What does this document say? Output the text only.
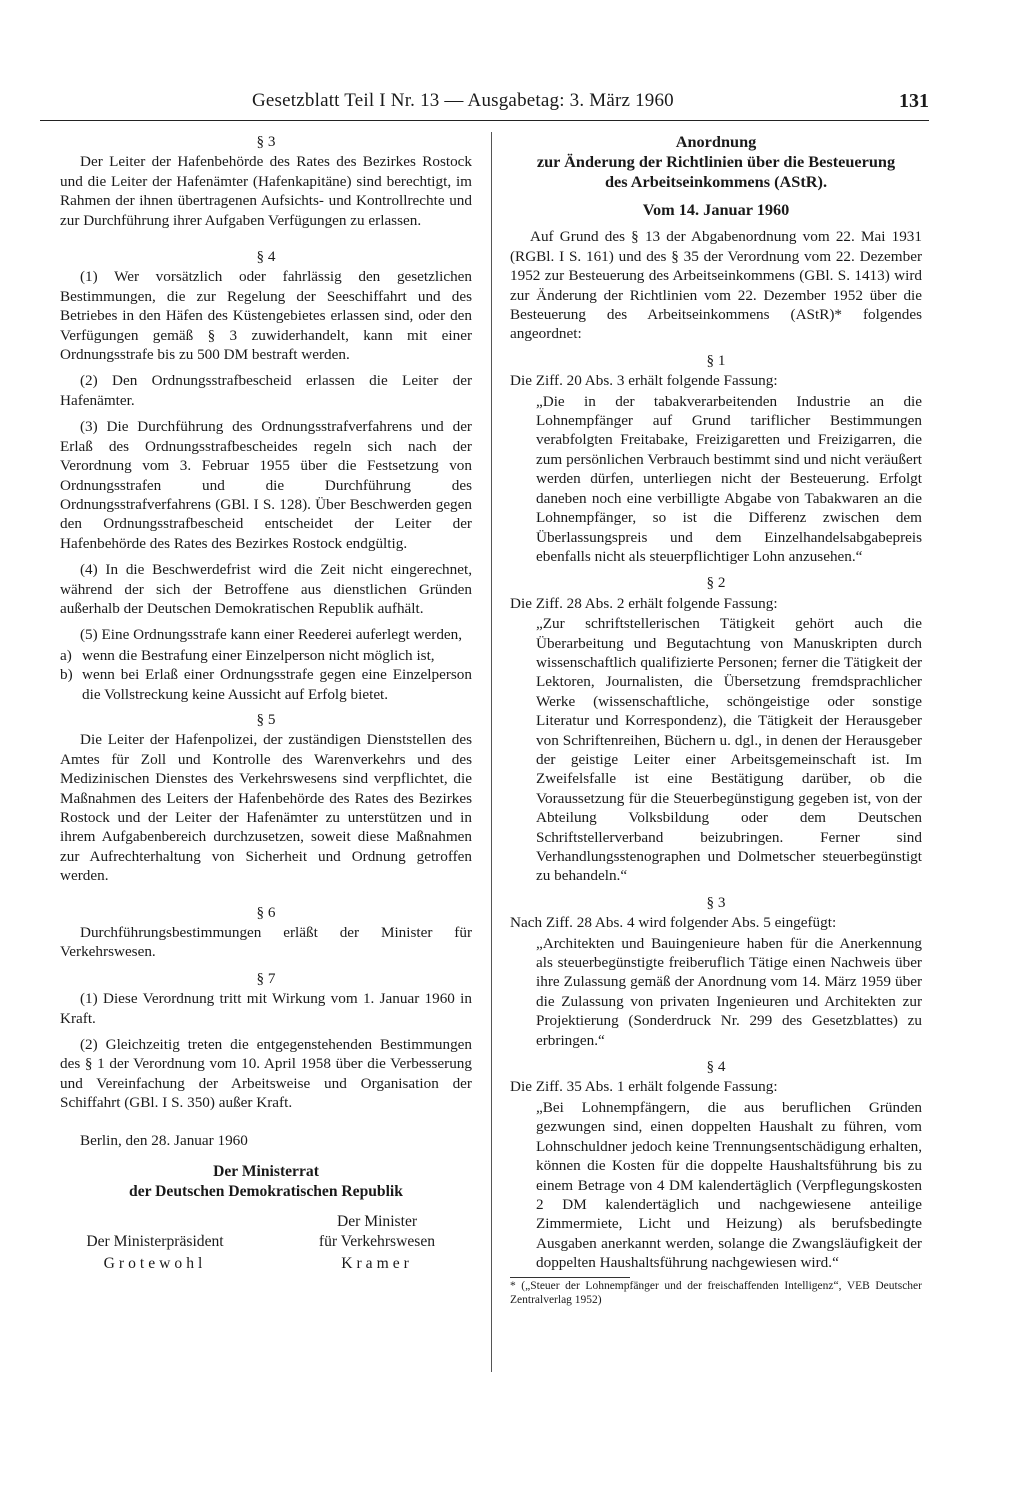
Gesetzblatt Teil I Nr. 13 — Ausgabetag: 3. März 1960	131
§ 3

Der Leiter der Hafenbehörde des Rates des Bezirkes Rostock und die Leiter der Hafenämter (Hafenkapitäne) sind berechtigt, im Rahmen der ihnen übertragenen Aufsichts- und Kontrollrechte und zur Durchführung ihrer Aufgaben Verfügungen zu erlassen.

§ 4

(1) Wer vorsätzlich oder fahrlässig den gesetzlichen Bestimmungen, die zur Regelung der Seeschiffahrt und des Betriebes in den Häfen des Küstengebietes erlassen sind, oder den Verfügungen gemäß § 3 zuwiderhandelt, kann mit einer Ordnungsstrafe bis zu 500 DM bestraft werden.

(2) Den Ordnungsstrafbescheid erlassen die Leiter der Hafenämter.

(3) Die Durchführung des Ordnungsstrafverfahrens und der Erlaß des Ordnungsstrafbescheides regeln sich nach der Verordnung vom 3. Februar 1955 über die Festsetzung von Ordnungsstrafen und die Durchführung des Ordnungsstrafverfahrens (GBl. I S. 128). Über Beschwerden gegen den Ordnungsstrafbescheid entscheidet der Leiter der Hafenbehörde des Rates des Bezirkes Rostock endgültig.

(4) In die Beschwerdefrist wird die Zeit nicht eingerechnet, während der sich der Betroffene aus dienstlichen Gründen außerhalb der Deutschen Demokratischen Republik aufhält.

(5) Eine Ordnungsstrafe kann einer Reederei auferlegt werden,

a) wenn die Bestrafung einer Einzelperson nicht möglich ist,
b) wenn bei Erlaß einer Ordnungsstrafe gegen eine Einzelperson die Vollstreckung keine Aussicht auf Erfolg bietet.
§ 5

Die Leiter der Hafenpolizei, der zuständigen Dienststellen des Amtes für Zoll und Kontrolle des Warenverkehrs und des Medizinischen Dienstes des Verkehrswesens sind verpflichtet, die Maßnahmen des Leiters der Hafenbehörde des Rates des Bezirkes Rostock und der Leiter der Hafenämter zu unterstützen und in ihrem Aufgabenbereich durchzusetzen, soweit diese Maßnahmen zur Aufrechterhaltung von Sicherheit und Ordnung getroffen werden.

§ 6

Durchführungsbestimmungen erläßt der Minister für Verkehrswesen.

§ 7

(1) Diese Verordnung tritt mit Wirkung vom 1. Januar 1960 in Kraft.

(2) Gleichzeitig treten die entgegenstehenden Bestimmungen des § 1 der Verordnung vom 10. April 1958 über die Verbesserung und Vereinfachung der Arbeitsweise und Organisation der Schiffahrt (GBl. I S. 350) außer Kraft.

Berlin, den 28. Januar 1960
Der Ministerrat
der Deutschen Demokratischen Republik
Der Ministerpräsident
Grotewohl
Der Minister
für Verkehrswesen
Kramer
Anordnung
zur Änderung der Richtlinien über die Besteuerung
des Arbeitseinkommens (AStR).
Vom 14. Januar 1960

Auf Grund des § 13 der Abgabenordnung vom 22. Mai 1931 (RGBl. I S. 161) und des § 35 der Verordnung vom 22. Dezember 1952 zur Besteuerung des Arbeitseinkommens (GBl. S. 1413) wird zur Änderung der Richtlinien vom 22. Dezember 1952 über die Besteuerung des Arbeitseinkommens (AStR)* folgendes angeordnet:

§ 1

Die Ziff. 20 Abs. 3 erhält folgende Fassung:

„Die in der tabakverarbeitenden Industrie an die Lohnempfänger auf Grund tariflicher Bestimmungen verabfolgten Freitabake, Freizigaretten und Freizigarren, die zum persönlichen Verbrauch bestimmt sind und nicht veräußert werden dürfen, unterliegen nicht der Besteuerung. Erfolgt daneben noch eine verbilligte Abgabe von Tabakwaren an die Lohnempfänger, so ist die Differenz zwischen dem Überlassungspreis und dem Einzelhandelsabgabepreis ebenfalls nicht als steuerpflichtiger Lohn anzusehen.“

§ 2

Die Ziff. 28 Abs. 2 erhält folgende Fassung:

„Zur schriftstellerischen Tätigkeit gehört auch die Überarbeitung und Begutachtung von Manuskripten durch wissenschaftlich qualifizierte Personen; ferner die Tätigkeit der Lektoren, Journalisten, die Übersetzung fremdsprachlicher Werke (wissenschaftliche, schöngeistige oder sonstige Literatur und Korrespondenz), die Tätigkeit der Herausgeber von Schriftenreihen, Büchern u. dgl., in denen der Herausgeber der geistige Leiter einer Arbeitsgemeinschaft ist. Im Zweifelsfalle ist eine Bestätigung darüber, ob die Voraussetzung für die Steuerbegünstigung gegeben ist, von der Abteilung Volksbildung oder dem Deutschen Schriftstellerverband beizubringen. Ferner sind Verhandlungsstenographen und Dolmetscher steuerbegünstigt zu behandeln.“

§ 3

Nach Ziff. 28 Abs. 4 wird folgender Abs. 5 eingefügt:

„Architekten und Bauingenieure haben für die Anerkennung als steuerbegünstigte freiberuflich Tätige einen Nachweis über ihre Zulassung gemäß der Anordnung vom 14. März 1959 über die Zulassung von privaten Ingenieuren und Architekten zur Projektierung (Sonderdruck Nr. 299 des Gesetzblattes) zu erbringen.“

§ 4

Die Ziff. 35 Abs. 1 erhält folgende Fassung:

„Bei Lohnempfängern, die aus beruflichen Gründen gezwungen sind, einen doppelten Haushalt zu führen, vom Lohnschuldner jedoch keine Trennungsentschädigung erhalten, können die Kosten für die doppelte Haushaltsführung bis zu einem Betrage von 4 DM kalendertäglich (Verpflegungskosten 2 DM kalendertäglich und nachgewiesene anteilige Zimmermiete, Licht und Heizung) als berufsbedingte Ausgaben anerkannt werden, solange die Zwangsläufigkeit der doppelten Haushaltsführung nachgewiesen wird.“

* („Steuer der Lohnempfänger und der freischaffenden Intelligenz“, VEB Deutscher Zentralverlag 1952)
